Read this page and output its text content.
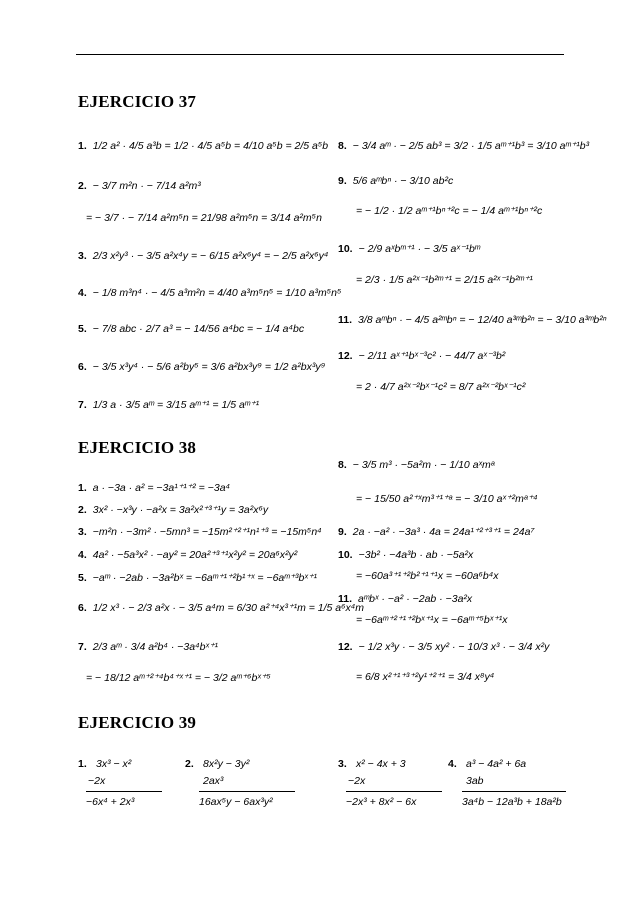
EJERCICIO 37
1. 1/2 a² · 4/5 a³b = 1/2 · 4/5 a⁵b = 4/10 a⁵b = 2/5 a⁵b
2. − 3/7 m²n · − 7/14 a²m³
= − 3/7 · − 7/14 a²m⁵n = 21/98 a²m⁵n = 3/14 a²m⁵n
3. 2/3 x²y³ · − 3/5 a²x⁴y = − 6/15 a²x⁶y⁴ = − 2/5 a²x⁶y⁴
4. − 1/8 m³n⁴ · − 4/5 a³m²n = 4/40 a³m⁵n⁵ = 1/10 a³m⁵n⁵
5. − 7/8 abc · 2/7 a³ = − 14/56 a⁴bc = − 1/4 a⁴bc
6. − 3/5 x³y⁴ · − 5/6 a²by⁵ = 3/6 a²bx³y⁹ = 1/2 a²bx³y⁹
7. 1/3 a · 3/5 aᵐ = 3/15 aᵐ⁺¹ = 1/5 aᵐ⁺¹
8. − 3/4 aᵐ · − 2/5 ab³ = 3/2 · 1/5 aᵐ⁺¹b³ = 3/10 aᵐ⁺¹b³
9. 5/6 aᵐbⁿ · − 3/10 ab²c
= − 1/2 · 1/2 aᵐ⁺¹bⁿ⁺²c = − 1/4 aᵐ⁺¹bⁿ⁺²c
10. − 2/9 aˣbᵐ⁺¹ · − 3/5 aˣ⁻¹bᵐ
= 2/3 · 1/5 a²ˣ⁻¹b²ᵐ⁺¹ = 2/15 a²ˣ⁻¹b²ᵐ⁺¹
11. 3/8 aᵐbⁿ · − 4/5 a²ᵐbⁿ = − 12/40 a³ᵐb²ⁿ = − 3/10 a³ᵐb²ⁿ
12. − 2/11 aˣ⁺¹bˣ⁻³c² · − 44/7 aˣ⁻³b²
= 2 · 4/7 a²ˣ⁻²bˣ⁻¹c² = 8/7 a²ˣ⁻²bˣ⁻¹c²
EJERCICIO 38
1. a · −3a · a² = −3a¹⁺¹⁺² = −3a⁴
2. 3x² · −x³y · −a²x = 3a²x²⁺³⁺¹y = 3a²x⁶y
3. −m²n · −3m² · −5mn³ = −15m²⁺²⁺¹n¹⁺³ = −15m⁵n⁴
4. 4a² · −5a³x² · −ay² = 20a²⁺³⁺¹x²y² = 20a⁶x²y²
5. −aᵐ · −2ab · −3a²bˣ = −6aᵐ⁺¹⁺²b¹⁺ˣ = −6aᵐ⁺³bˣ⁺¹
6. 1/2 x³ · − 2/3 a²x · − 3/5 a⁴m = 6/30 a²⁺⁴x³⁺¹m = 1/5 a⁶x⁴m
7. 2/3 aᵐ · 3/4 a²b⁴ · −3a⁴bˣ⁺¹
= − 18/12 aᵐ⁺²⁺⁴b⁴⁺ˣ⁺¹ = − 3/2 aᵐ⁺⁶bˣ⁺⁵
8. − 3/5 m³ · −5a²m · − 1/10 aˣmᵃ
= − 15/50 a²⁺ˣm³⁺¹⁺ᵃ = − 3/10 aˣ⁺²mᵃ⁺⁴
9. 2a · −a² · −3a³ · 4a = 24a¹⁺²⁺³⁺¹ = 24a⁷
10. −3b² · −4a³b · ab · −5a²x
= −60a³⁺¹⁺²b²⁺¹⁺¹x = −60a⁶b⁴x
11. aᵐbˣ · −a² · −2ab · −3a²x
= −6aᵐ⁺²⁺¹⁺²bˣ⁺¹x = −6aᵐ⁺⁵bˣ⁺¹x
12. − 1/2 x³y · − 3/5 xy² · − 10/3 x³ · − 3/4 x²y
= 6/8 x²⁺¹⁺³⁺²y¹⁺²⁺¹ = 3/4 x⁸y⁴
EJERCICIO 39
1. 3x³ − x²
−2x
−6x⁴ + 2x³
2. 8x²y − 3y²
2ax³
16ax⁵y − 6ax³y²
3. x² − 4x + 3
−2x
−2x³ + 8x² − 6x
4. a³ − 4a² + 6a
3ab
3a⁴b − 12a³b + 18a²b
